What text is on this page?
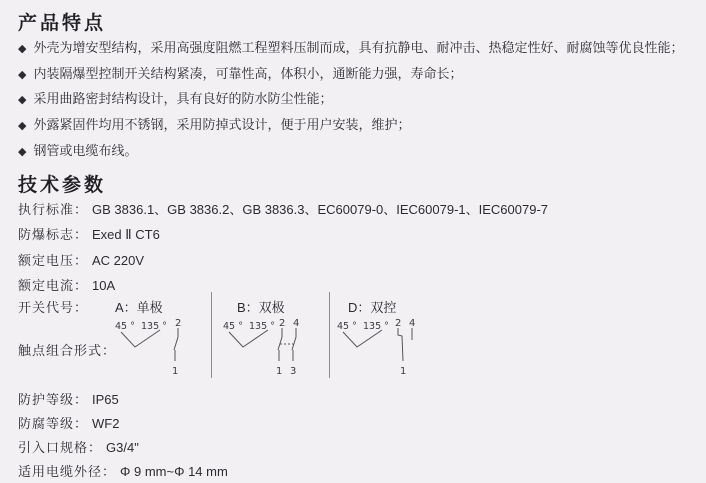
产品特点
◆ 外壳为增安型结构，采用高强度阻燃工程塑料压制而成，具有抗静电、耐冲击、热稳定性好、耐腐蚀等优良性能；
◆ 内装隔爆型控制开关结构紧凑，可靠性高，体积小，通断能力强，寿命长；
◆ 采用曲路密封结构设计，具有良好的防水防尘性能；
◆ 外露紧固件均用不锈钢，采用防掉式设计，便于用户安装，维护；
◆ 钢管或电缆布线。
技术参数
执行标准： GB 3836.1、GB 3836.2、GB 3836.3、EC60079-0、IEC60079-1、IEC60079-7
防爆标志： Exed Ⅱ CT6
额定电压： AC 220V
额定电流： 10A
开关代号： A：单极	B：双极	D：双控
触点组合形式：
45 ° 135 ° 2
1
45 ° 135 ° 2 4
1 3
45 ° 135 ° 2 4
1
防护等级： IP65
防腐等级： WF2
引入口规格： G3/4"
适用电缆外径： Φ 9 mm~Φ 14 mm
